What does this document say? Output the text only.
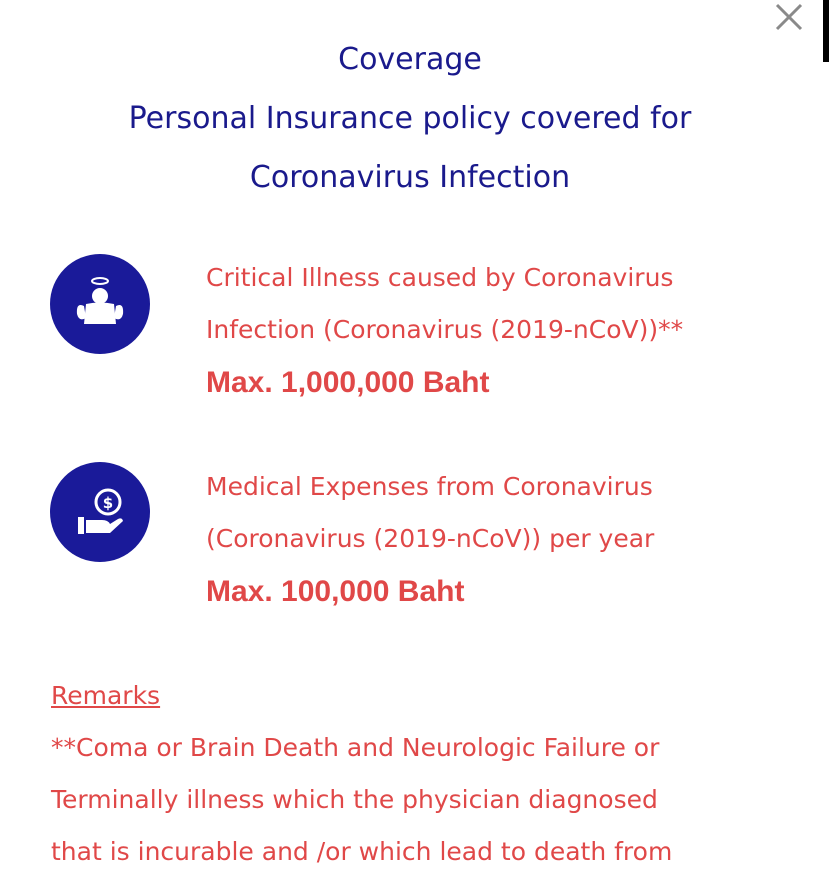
Coverage
Personal Insurance policy covered for
Coronavirus Infection
Critical Illness caused by Coronavirus
Infection (Coronavirus (2019-nCoV))**
Max. 1,000,000 Baht
$
Medical Expenses from Coronavirus
(Coronavirus (2019-nCoV)) per year
Max. 100,000 Baht
Remarks
**Coma or Brain Death and Neurologic Failure or
Terminally illness which the physician diagnosed
that is incurable and /or which lead to death from
